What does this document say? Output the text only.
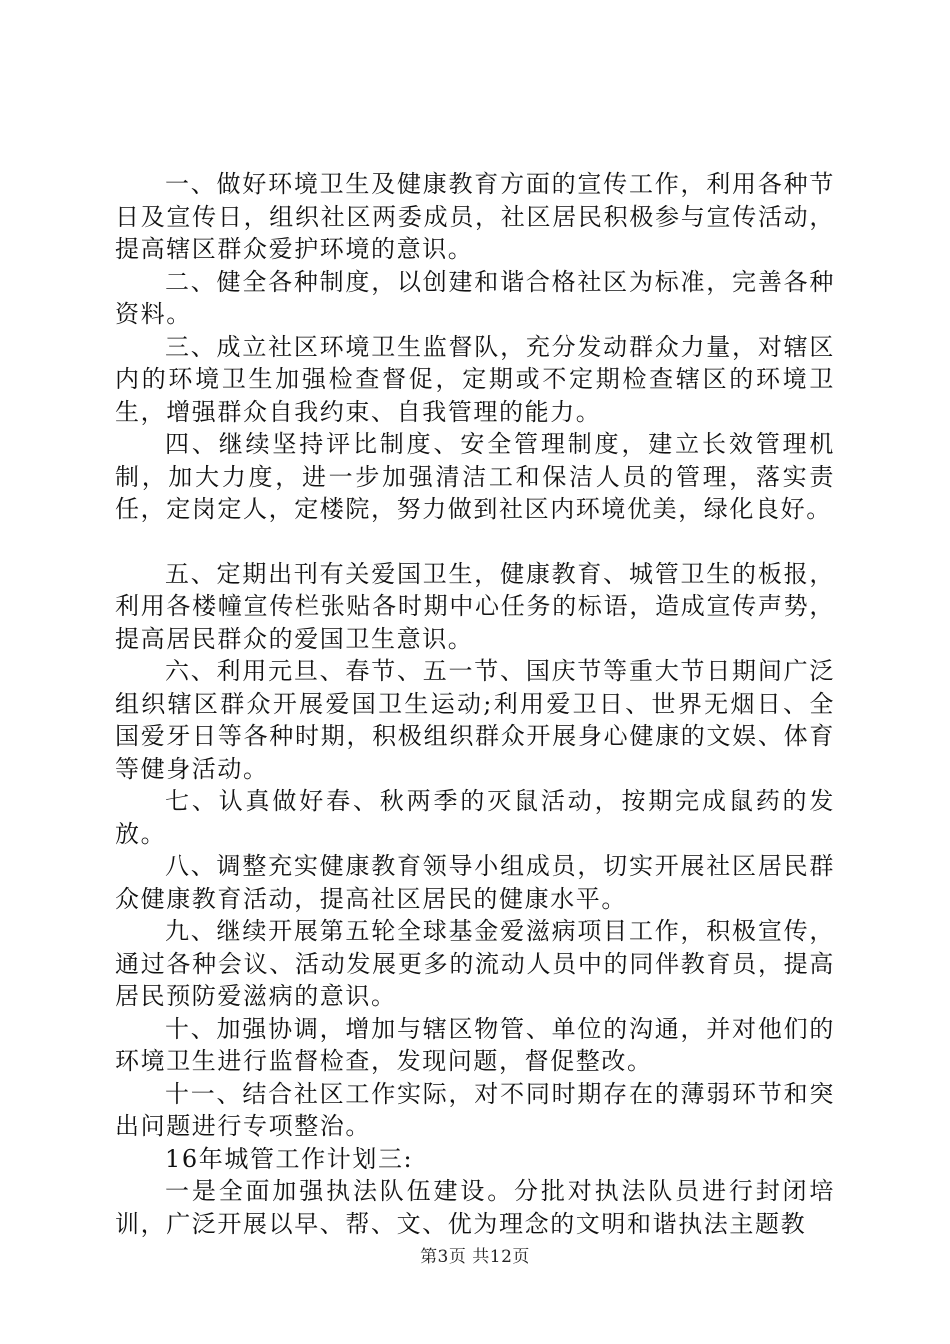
一、做好环境卫生及健康教育方面的宣传工作，利用各种节日及宣传日，组织社区两委成员，社区居民积极参与宣传活动，提高辖区群众爱护环境的意识。

二、健全各种制度，以创建和谐合格社区为标准，完善各种资料。

三、成立社区环境卫生监督队，充分发动群众力量，对辖区内的环境卫生加强检查督促，定期或不定期检查辖区的环境卫生，增强群众自我约束、自我管理的能力。

四、继续坚持评比制度、安全管理制度，建立长效管理机制，加大力度，进一步加强清洁工和保洁人员的管理，落实责任，定岗定人，定楼院，努力做到社区内环境优美，绿化良好。

五、定期出刊有关爱国卫生，健康教育、城管卫生的板报，利用各楼幢宣传栏张贴各时期中心任务的标语，造成宣传声势，提高居民群众的爱国卫生意识。

六、利用元旦、春节、五一节、国庆节等重大节日期间广泛组织辖区群众开展爱国卫生运动;利用爱卫日、世界无烟日、全国爱牙日等各种时期，积极组织群众开展身心健康的文娱、体育等健身活动。

七、认真做好春、秋两季的灭鼠活动，按期完成鼠药的发放。

八、调整充实健康教育领导小组成员，切实开展社区居民群众健康教育活动，提高社区居民的健康水平。

九、继续开展第五轮全球基金爱滋病项目工作，积极宣传，通过各种会议、活动发展更多的流动人员中的同伴教育员，提高居民预防爱滋病的意识。

十、加强协调，增加与辖区物管、单位的沟通，并对他们的环境卫生进行监督检查，发现问题，督促整改。

十一、结合社区工作实际，对不同时期存在的薄弱环节和突出问题进行专项整治。

16年城管工作计划三:

一是全面加强执法队伍建设。分批对执法队员进行封闭培训，广泛开展以早、帮、文、优为理念的文明和谐执法主题教

第3页 共12页
